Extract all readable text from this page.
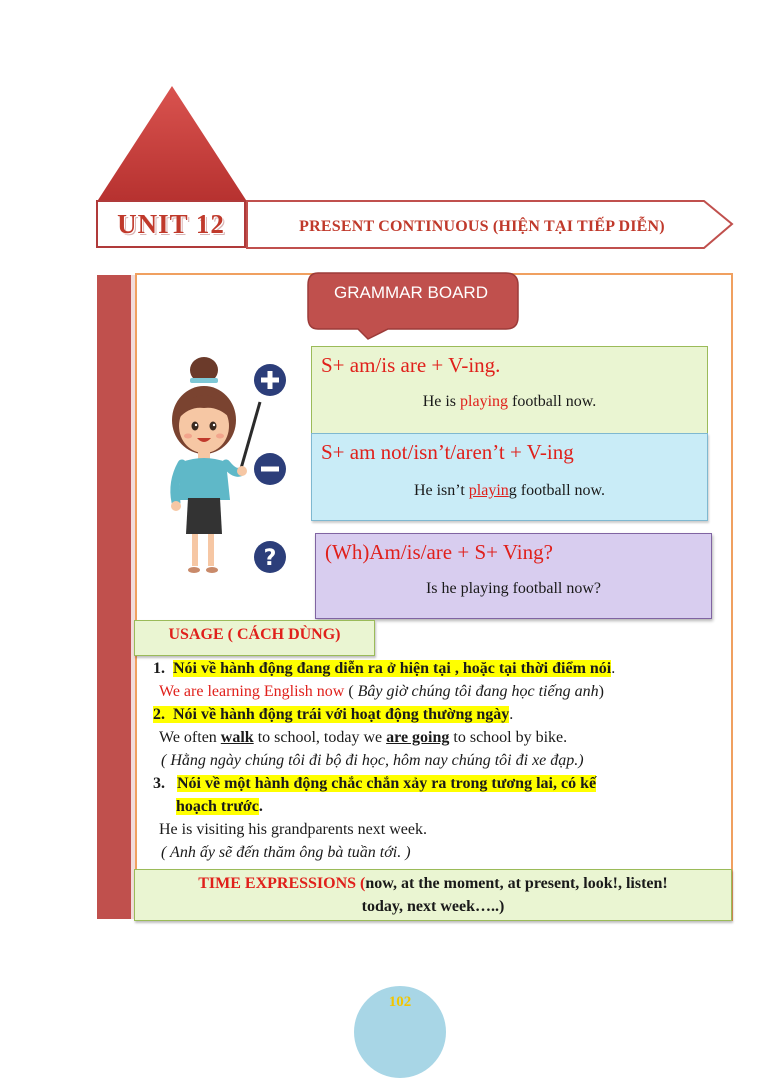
UNIT 12	PRESENT CONTINUOUS (HIỆN TẠI TIẾP DIỄN)
GRAMMAR BOARD
?
S+ am/is are + V-ing.
He is playing football now.
S+ am not/isn’t/aren’t + V-ing
He isn’t playing football now.
(Wh)Am/is/are + S+ Ving?
Is he playing football now?
USAGE ( CÁCH DÙNG)
1. Nói về hành động đang diễn ra ở hiện tại , hoặc tại thời điểm nói.
We are learning English now ( Bây giờ chúng tôi đang học tiếng anh)
2. Nói về hành động trái với hoạt động thường ngày.
We often walk to school, today we are going to school by bike.
( Hằng ngày chúng tôi đi bộ đi học, hôm nay chúng tôi đi xe đạp.)
3. Nói về một hành động chắc chắn xảy ra trong tương lai, có kế
hoạch trước.
He is visiting his grandparents next week.
( Anh ấy sẽ đến thăm ông bà tuần tới. )
TIME EXPRESSIONS (now, at the moment, at present, look!, listen!
today, next week…..)
102
